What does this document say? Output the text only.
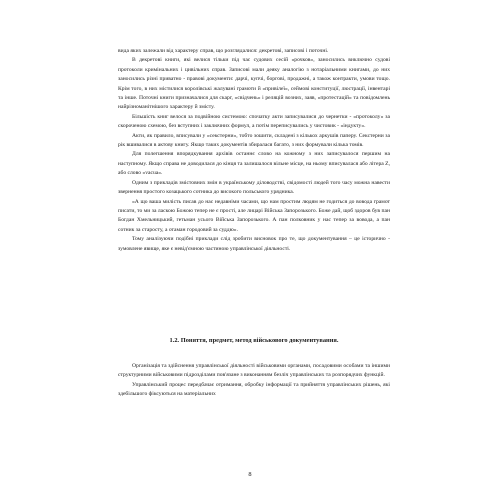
вида яких залежали від характеру справ, що розглядалися: декретові, записові і поточні.

В декретові книги, які велися тільки під час судових сесій «рочков», заносились виключно судові протоколи кримінальних і цивільних справ. Записові мали деяку аналогію з нотаріальними книгами, до них заносились різні приватно - правові документи: дарчі, купчі, боргові, продажні, а також контракти, умови тощо. Крім того, в них містилися королівські жалувані грамоти й «привілеї», сеймові конституції, люстрації, інвентарі та інше. Поточні книги призначалися для скарг, «свідчень» і реляцій возних, заяв, «протестацій» та повідомлень найрізноманітнішого характеру й змісту.

Більшість книг велося за подвійною системою: спочатку акти записувалися до чернетки - «протоколу» за скороченою схемою, без вступних і заключних формул, а потім переписувались у чистовик - «індукту».

Акти, як правило, вписували у «секстерни», тобто зошити, складені з кількох аркушів паперу. Секстерни за рік вшивалися в актову книгу. Якщо таких документів збиралася багато, з них формували кілька томів.

Для полегшення впорядкування архівів останнє слово на кожному з них записувалося першим на наступному. Якщо справа не доводилася до кінця та залишалося вільне місце, на ньому вписувалася або літера Z, або слово «vacua».

Одним з прикладів змістовних змін в українському діловодстві, свідомості людей того часу можна навести звернення простого козацького сотника до високого польського урядника.

«А що ваша милість писав до нас недавніми часами, що нам простим людям не годиться до вовода грамот писати, то ми за ласкою Божою тепер не є прості, але лицарі Війська Запорозького. Боже дай, щоб здоров був пан Богдан Хмельницький, гетьман усього Війська Запорозького. А пан полковник у нас тепер за вовода, а пан сотник за старосту, а отаман городовий за суддю».

Тому аналізуючи подібні приклади слід зробити висновок про те, що документування – це історично - зумовлене явище, яке є невід'ємною частиною управлінської діяльності.

1.2. Поняття, предмет, метод військового документування.

Організація та здійснення управлінської діяльності військовими органами, посадовими особами та іншими структурними військовими підрозділами пов'язане з виконанням безліч управлінських та розпорядчих функцій.

Управлінський процес передбачає отримання, обробку інформації та прийняття управлінських рішень, які здебільшого фіксуються на матеріальних

8
